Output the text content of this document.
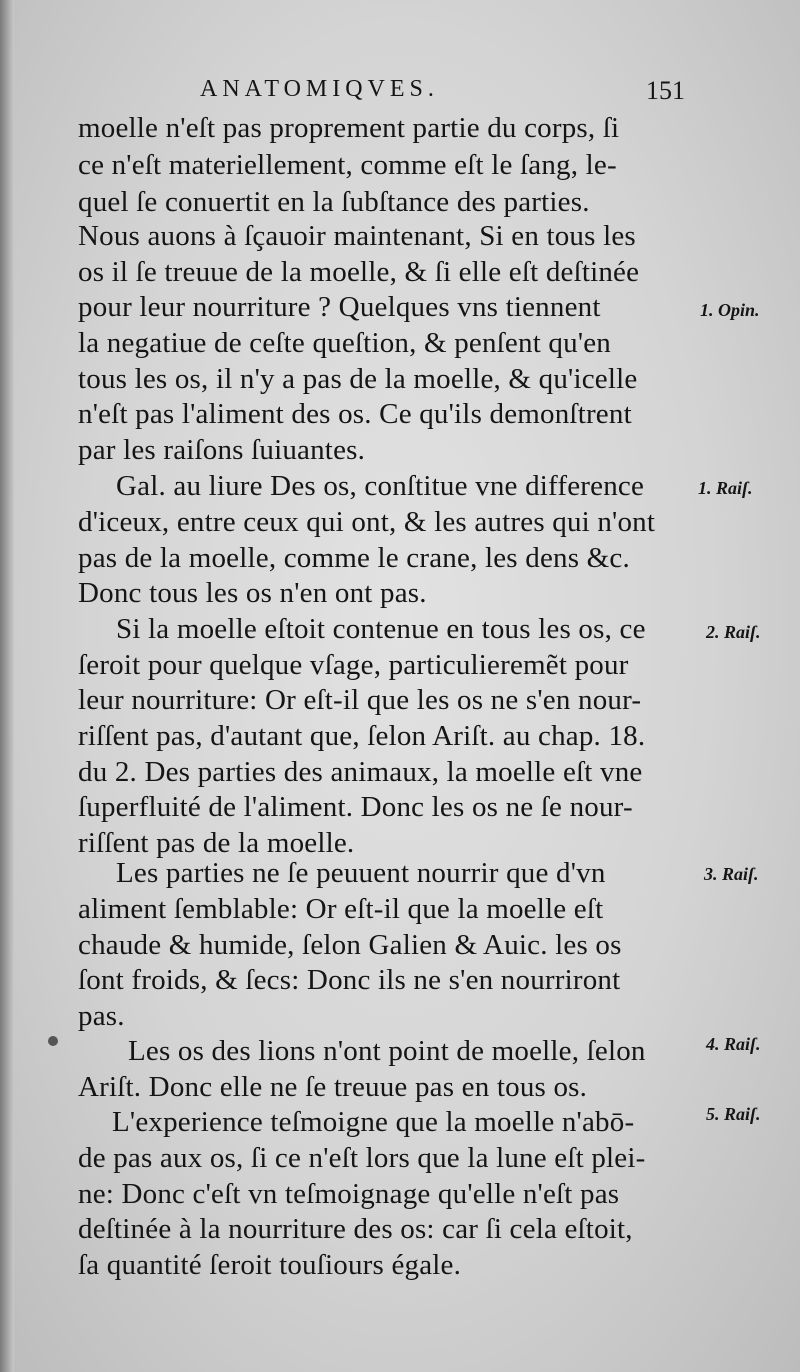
ANATOMIQVES.	151
moelle n'eſt pas proprement partie du corps, ſi
ce n'eſt materiellement, comme eſt le ſang, le-
quel ſe conuertit en la ſubſtance des parties.
Nous auons à ſçauoir maintenant, Si en tous les
os il ſe treuue de la moelle, & ſi elle eſt deſtinée
pour leur nourriture ? Quelques vns tiennent
la negatiue de ceſte queſtion, & penſent qu'en
tous les os, il n'y a pas de la moelle, & qu'icelle
n'eſt pas l'aliment des os. Ce qu'ils demonſtrent
par les raiſons ſuiuantes.
Gal. au liure Des os, conſtitue vne difference
d'iceux, entre ceux qui ont, & les autres qui n'ont
pas de la moelle, comme le crane, les dens &c.
Donc tous les os n'en ont pas.
Si la moelle eſtoit contenue en tous les os, ce
ſeroit pour quelque vſage, particulieremẽt pour
leur nourriture: Or eſt-il que les os ne s'en nour-
riſſent pas, d'autant que, ſelon Ariſt. au chap. 18.
du 2. Des parties des animaux, la moelle eſt vne
ſuperfluité de l'aliment. Donc les os ne ſe nour-
riſſent pas de la moelle.
Les parties ne ſe peuuent nourrir que d'vn
aliment ſemblable: Or eſt-il que la moelle eſt
chaude & humide, ſelon Galien & Auic. les os
ſont froids, & ſecs: Donc ils ne s'en nourriront
pas.
Les os des lions n'ont point de moelle, ſelon
Ariſt. Donc elle ne ſe treuue pas en tous os.
L'experience teſmoigne que la moelle n'abō-
de pas aux os, ſi ce n'eſt lors que la lune eſt plei-
ne: Donc c'eſt vn teſmoignage qu'elle n'eſt pas
deſtinée à la nourriture des os: car ſi cela eſtoit,
ſa quantité ſeroit touſiours égale.
1. Opin.
1. Raiſ.
2. Raiſ.
3. Raiſ.
4. Raiſ.
5. Raiſ.
